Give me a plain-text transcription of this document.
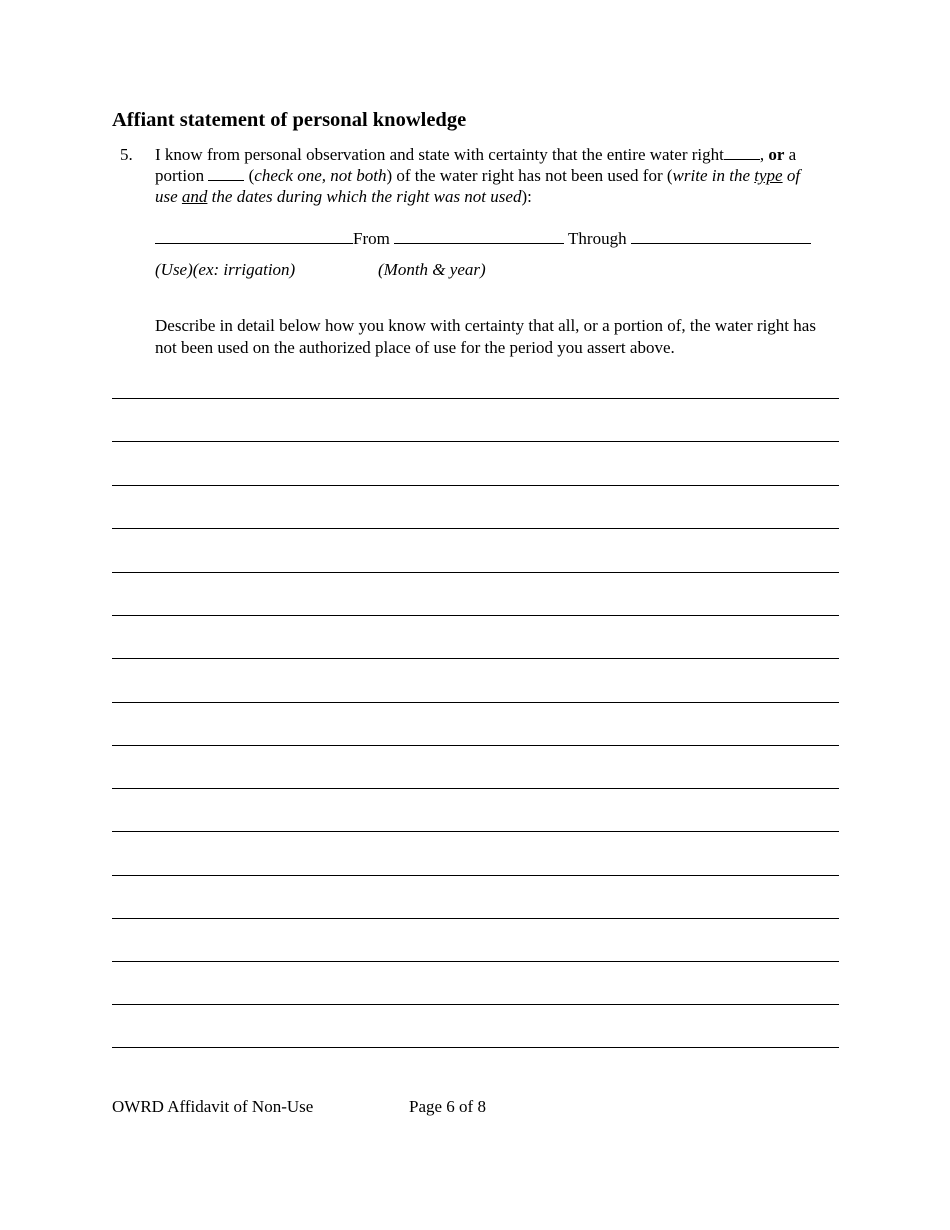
Affiant statement of personal knowledge
5. I know from personal observation and state with certainty that the entire water right , or a portion  (check one, not both) of the water right has not been used for (write in the type of use and the dates during which the right was not used):

From	Through
(Use)(ex: irrigation)	(Month & year)

Describe in detail below how you know with certainty that all, or a portion of, the water right has not been used on the authorized place of use for the period you assert above.

OWRD Affidavit of Non-Use	Page 6 of 8
